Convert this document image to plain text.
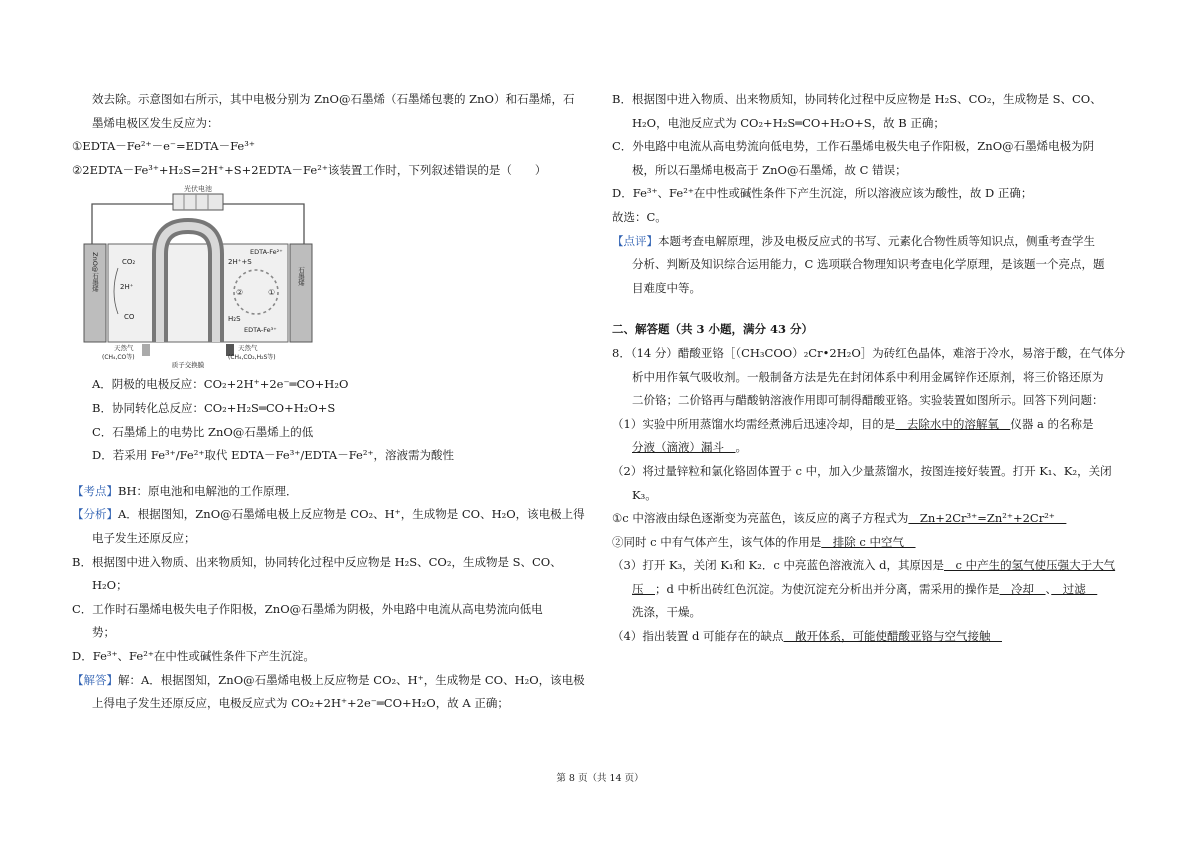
效去除。示意图如右所示，其中电极分别为 ZnO@石墨烯（石墨烯包裹的 ZnO）和石墨烯，石

墨烯电极区发生反应为：

①EDTA－Fe²⁺－e⁻=EDTA－Fe³⁺

②2EDTA－Fe³⁺+H₂S=2H⁺+S+2EDTA－Fe²⁺该装置工作时，下列叙述错误的是（　　）

光伏电池
ZnO@石墨烯	石墨烯
CO₂
2H⁺
CO
2H⁺+S
EDTA-Fe²⁺
EDTA-Fe³⁺
H₂S
②	①
天然气
(CH₄,CO等)
天然气
(CH₄,CO₂,H₂S等)
质子交换膜

A．阴极的电极反应：CO₂+2H⁺+2e⁻═CO+H₂O

B．协同转化总反应：CO₂+H₂S═CO+H₂O+S

C．石墨烯上的电势比 ZnO@石墨烯上的低

D．若采用 Fe³⁺/Fe²⁺取代 EDTA－Fe³⁺/EDTA－Fe²⁺，溶液需为酸性

【考点】BH：原电池和电解池的工作原理．

【分析】A．根据图知，ZnO@石墨烯电极上反应物是 CO₂、H⁺，生成物是 CO、H₂O，该电极上得

电子发生还原反应；

B．根据图中进入物质、出来物质知，协同转化过程中反应物是 H₂S、CO₂，生成物是 S、CO、

H₂O；

C．工作时石墨烯电极失电子作阳极，ZnO@石墨烯为阴极，外电路中电流从高电势流向低电

势；

D．Fe³⁺、Fe²⁺在中性或碱性条件下产生沉淀。

【解答】解：A．根据图知，ZnO@石墨烯电极上反应物是 CO₂、H⁺，生成物是 CO、H₂O，该电极

上得电子发生还原反应，电极反应式为 CO₂+2H⁺+2e⁻═CO+H₂O，故 A 正确；

B．根据图中进入物质、出来物质知，协同转化过程中反应物是 H₂S、CO₂，生成物是 S、CO、

H₂O，电池反应式为 CO₂+H₂S═CO+H₂O+S，故 B 正确；

C．外电路中电流从高电势流向低电势，工作石墨烯电极失电子作阳极，ZnO@石墨烯电极为阴

极，所以石墨烯电极高于 ZnO@石墨烯，故 C 错误；

D．Fe³⁺、Fe²⁺在中性或碱性条件下产生沉淀，所以溶液应该为酸性，故 D 正确；

故选：C。

【点评】本题考查电解原理，涉及电极反应式的书写、元素化合物性质等知识点，侧重考查学生

分析、判断及知识综合运用能力，C 选项联合物理知识考查电化学原理，是该题一个亮点，题

目难度中等。

二、解答题（共 3 小题，满分 43 分）

8．（14 分）醋酸亚铬［（CH₃COO）₂Cr•2H₂O］为砖红色晶体，难溶于冷水，易溶于酸，在气体分

析中用作氧气吸收剂。一般制备方法是先在封闭体系中利用金属锌作还原剂，将三价铬还原为

二价铬；二价铬再与醋酸钠溶液作用即可制得醋酸亚铬。实验装置如图所示。回答下列问题：

（1）实验中所用蒸馏水均需经煮沸后迅速冷却，目的是　去除水中的溶解氧　仪器 a 的名称是

分液（滴液）漏斗　。

（2）将过量锌粒和氯化铬固体置于 c 中，加入少量蒸馏水，按图连接好装置。打开 K₁、K₂，关闭

K₃。

①c 中溶液由绿色逐渐变为亮蓝色，该反应的离子方程式为　Zn+2Cr³⁺=Zn²⁺+2Cr²⁺　

②同时 c 中有气体产生，该气体的作用是　排除 c 中空气　

（3）打开 K₃，关闭 K₁和 K₂．c 中亮蓝色溶液流入 d，其原因是　c 中产生的氢气使压强大于大气

压　；d 中析出砖红色沉淀。为使沉淀充分析出并分离，需采用的操作是　冷却　、　过滤　

洗涤，干燥。

（4）指出装置 d 可能存在的缺点　敞开体系，可能使醋酸亚铬与空气接触　

第 8 页（共 14 页）
